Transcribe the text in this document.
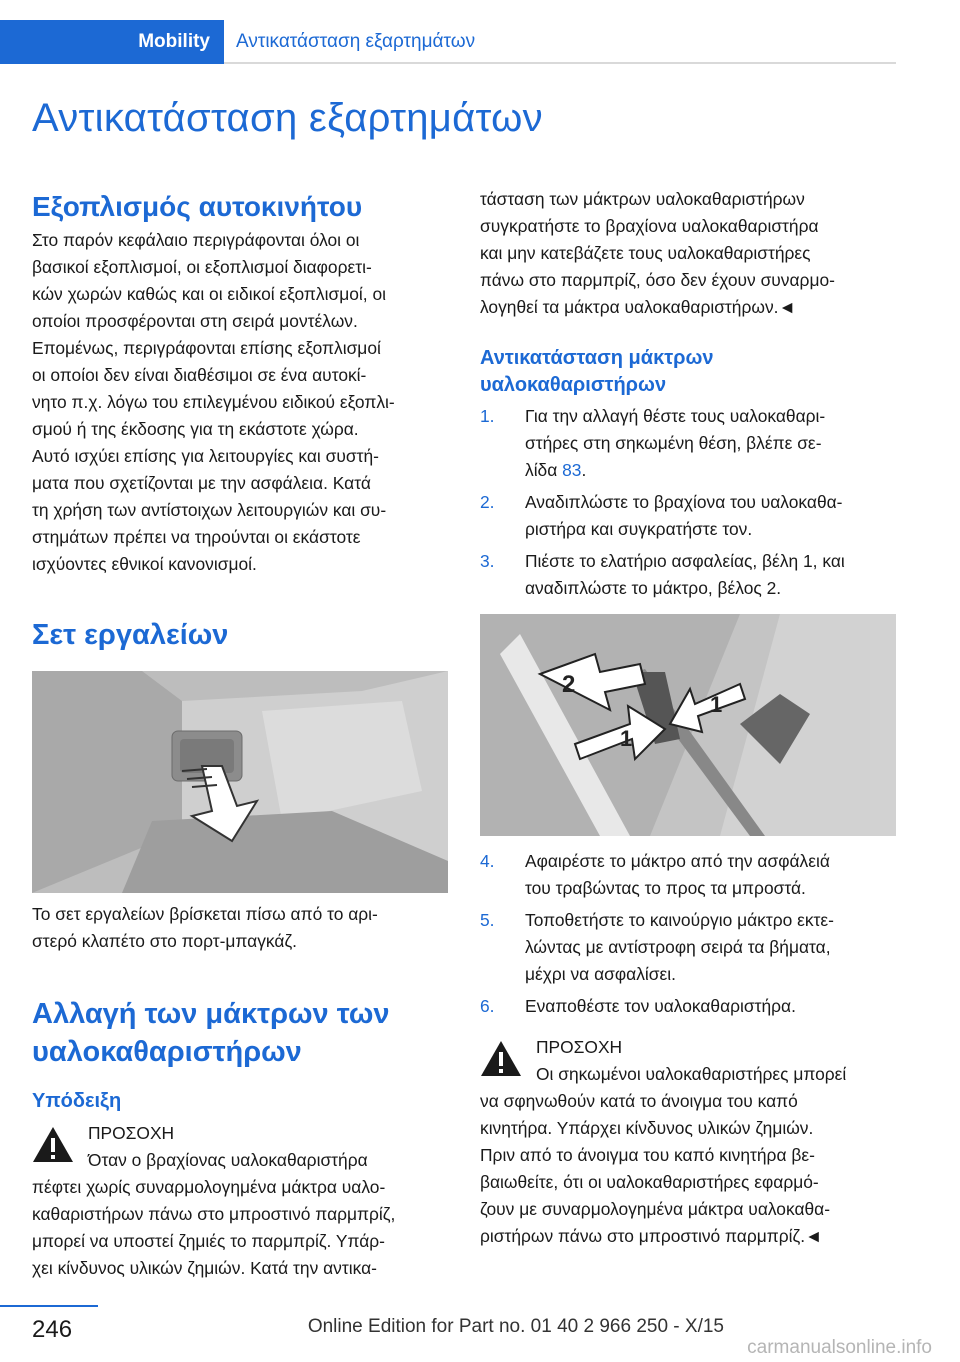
Mobility	Αντικατάσταση εξαρτημάτων
Αντικατάσταση εξαρτημάτων
Εξοπλισμός αυτοκινήτου
Στο παρόν κεφάλαιο περιγράφονται όλοι οι
βασικοί εξοπλισμοί, οι εξοπλισμοί διαφορετι‐
κών χωρών καθώς και οι ειδικοί εξοπλισμοί, οι
οποίοι προσφέρονται στη σειρά μοντέλων.
Επομένως, περιγράφονται επίσης εξοπλισμοί
οι οποίοι δεν είναι διαθέσιμοι σε ένα αυτοκί‐
νητο π.χ. λόγω του επιλεγμένου ειδικού εξοπλι‐
σμού ή της έκδοσης για τη εκάστοτε χώρα.
Αυτό ισχύει επίσης για λειτουργίες και συστή‐
ματα που σχετίζονται με την ασφάλεια. Κατά
τη χρήση των αντίστοιχων λειτουργιών και συ‐
στημάτων πρέπει να τηρούνται οι εκάστοτε
ισχύοντες εθνικοί κανονισμοί.
Σετ εργαλείων
Το σετ εργαλείων βρίσκεται πίσω από το αρι‐
στερό κλαπέτο στο πορτ-μπαγκάζ.
Αλλαγή των μάκτρων των
υαλοκαθαριστήρων
Υπόδειξη
ΠΡΟΣΟΧΗ
Όταν ο βραχίονας υαλοκαθαριστήρα
πέφτει χωρίς συναρμολογημένα μάκτρα υαλο‐
καθαριστήρων πάνω στο μπροστινό παρμπρίζ,
μπορεί να υποστεί ζημιές το παρμπρίζ. Υπάρ‐
χει κίνδυνος υλικών ζημιών. Κατά την αντικα‐
τάσταση των μάκτρων υαλοκαθαριστήρων
συγκρατήστε το βραχίονα υαλοκαθαριστήρα
και μην κατεβάζετε τους υαλοκαθαριστήρες
πάνω στο παρμπρίζ, όσο δεν έχουν συναρμο‐
λογηθεί τα μάκτρα υαλοκαθαριστήρων.◄
Αντικατάσταση μάκτρων
υαλοκαθαριστήρων
1.	Για την αλλαγή θέστε τους υαλοκαθαρι‐
στήρες στη σηκωμένη θέση, βλέπε σε‐
λίδα 83.
2.	Αναδιπλώστε το βραχίονα του υαλοκαθα‐
ριστήρα και συγκρατήστε τον.
3.	Πιέστε το ελατήριο ασφαλείας, βέλη 1, και
αναδιπλώστε το μάκτρο, βέλος 2.
2
1
1
4.	Αφαιρέστε το μάκτρο από την ασφάλειά
του τραβώντας το προς τα μπροστά.
5.	Τοποθετήστε το καινούργιο μάκτρο εκτε‐
λώντας με αντίστροφη σειρά τα βήματα,
μέχρι να ασφαλίσει.
6.	Εναποθέστε τον υαλοκαθαριστήρα.
ΠΡΟΣΟΧΗ
Οι σηκωμένοι υαλοκαθαριστήρες μπορεί
να σφηνωθούν κατά το άνοιγμα του καπό
κινητήρα. Υπάρχει κίνδυνος υλικών ζημιών.
Πριν από το άνοιγμα του καπό κινητήρα βε‐
βαιωθείτε, ότι οι υαλοκαθαριστήρες εφαρμό‐
ζουν με συναρμολογημένα μάκτρα υαλοκαθα‐
ριστήρων πάνω στο μπροστινό παρμπρίζ.◄
246	Online Edition for Part no. 01 40 2 966 250 - X/15
carmanualsonline.info
